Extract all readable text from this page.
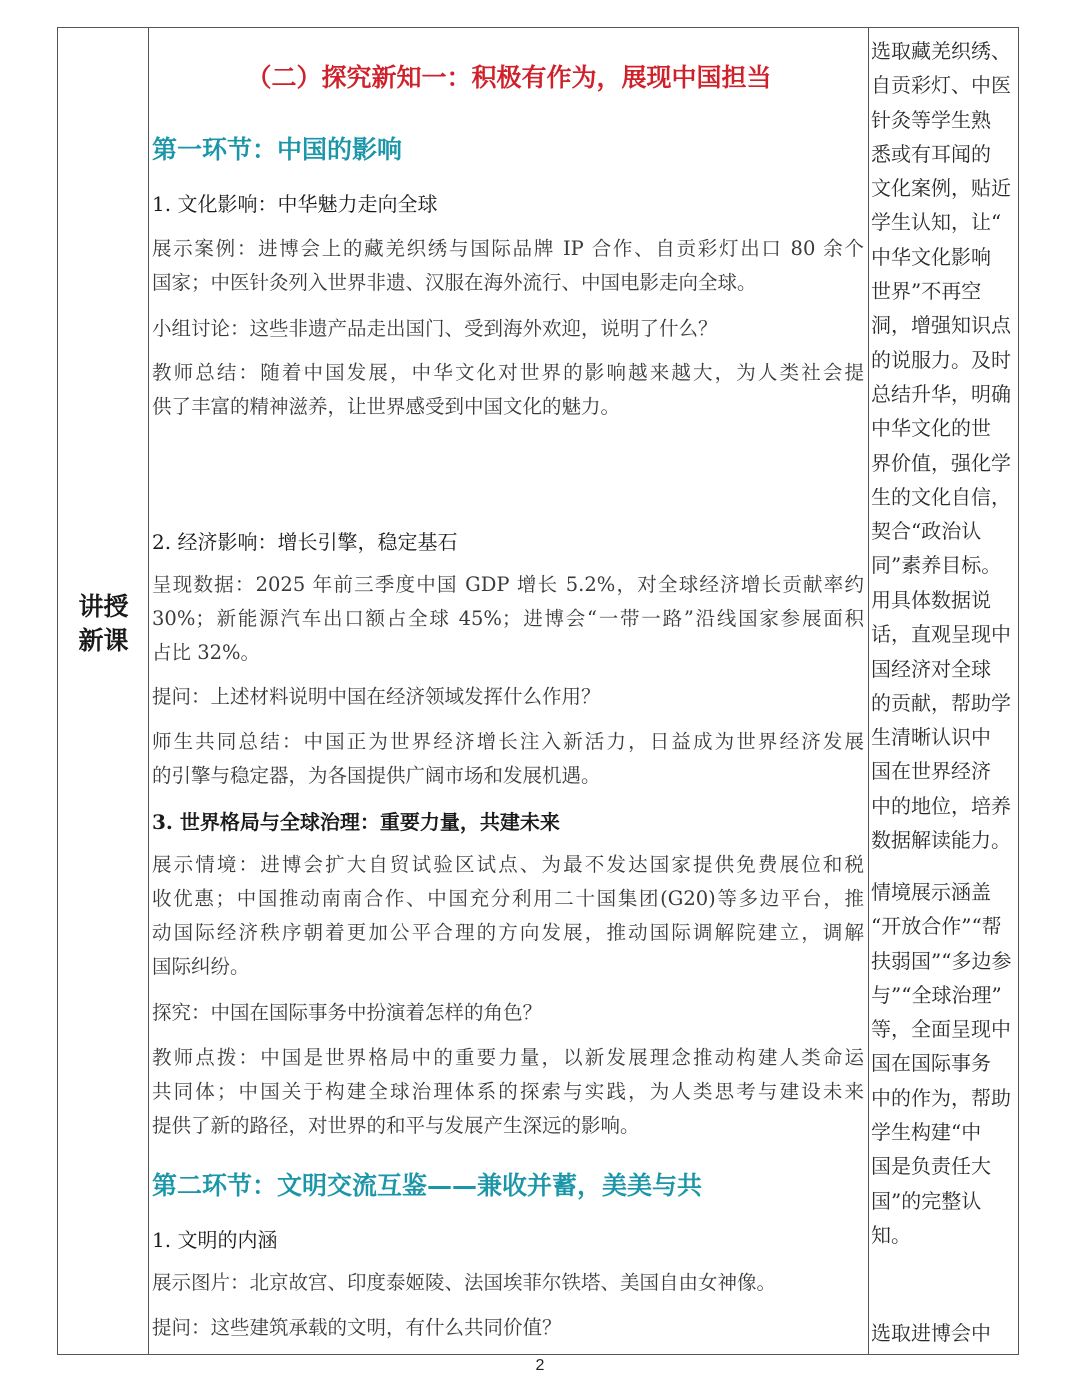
讲授
新课
（二）探究新知一：积极有作为，展现中国担当
第一环节：中国的影响
1. 文化影响：中华魅力走向全球
展示案例：进博会上的藏羌织绣与国际品牌 IP 合作、自贡彩灯出口 80 余个
国家；中医针灸列入世界非遗、汉服在海外流行、中国电影走向全球。
小组讨论：这些非遗产品走出国门、受到海外欢迎，说明了什么？
教师总结：随着中国发展，中华文化对世界的影响越来越大，为人类社会提
供了丰富的精神滋养，让世界感受到中国文化的魅力。
2. 经济影响：增长引擎，稳定基石
呈现数据：2025 年前三季度中国 GDP 增长 5.2%，对全球经济增长贡献率约
30%；新能源汽车出口额占全球 45%；进博会“一带一路”沿线国家参展面积
占比 32%。
提问：上述材料说明中国在经济领域发挥什么作用？
师生共同总结：中国正为世界经济增长注入新活力，日益成为世界经济发展
的引擎与稳定器，为各国提供广阔市场和发展机遇。
3. 世界格局与全球治理：重要力量，共建未来
展示情境：进博会扩大自贸试验区试点、为最不发达国家提供免费展位和税
收优惠；中国推动南南合作、中国充分利用二十国集团(G20)等多边平台，推
动国际经济秩序朝着更加公平合理的方向发展，推动国际调解院建立，调解
国际纠纷。
探究：中国在国际事务中扮演着怎样的角色？
教师点拨：中国是世界格局中的重要力量，以新发展理念推动构建人类命运
共同体；中国关于构建全球治理体系的探索与实践，为人类思考与建设未来
提供了新的路径，对世界的和平与发展产生深远的影响。
第二环节：文明交流互鉴——兼收并蓄，美美与共
1. 文明的内涵
展示图片：北京故宫、印度泰姬陵、法国埃菲尔铁塔、美国自由女神像。
提问：这些建筑承载的文明，有什么共同价值？
选取藏羌织绣、
自贡彩灯、中医
针灸等学生熟
悉或有耳闻的
文化案例，贴近
学生认知，让“
中华文化影响
世界”不再空
洞，增强知识点
的说服力。及时
总结升华，明确
中华文化的世
界价值，强化学
生的文化自信，
契合“政治认
同”素养目标。
用具体数据说
话，直观呈现中
国经济对全球
的贡献，帮助学
生清晰认识中
国在世界经济
中的地位，培养
数据解读能力。
情境展示涵盖
“开放合作”“帮
扶弱国”“多边参
与”“全球治理”
等，全面呈现中
国在国际事务
中的作为，帮助
学生构建“中
国是负责任大
国”的完整认
知。
选取进博会中
2
